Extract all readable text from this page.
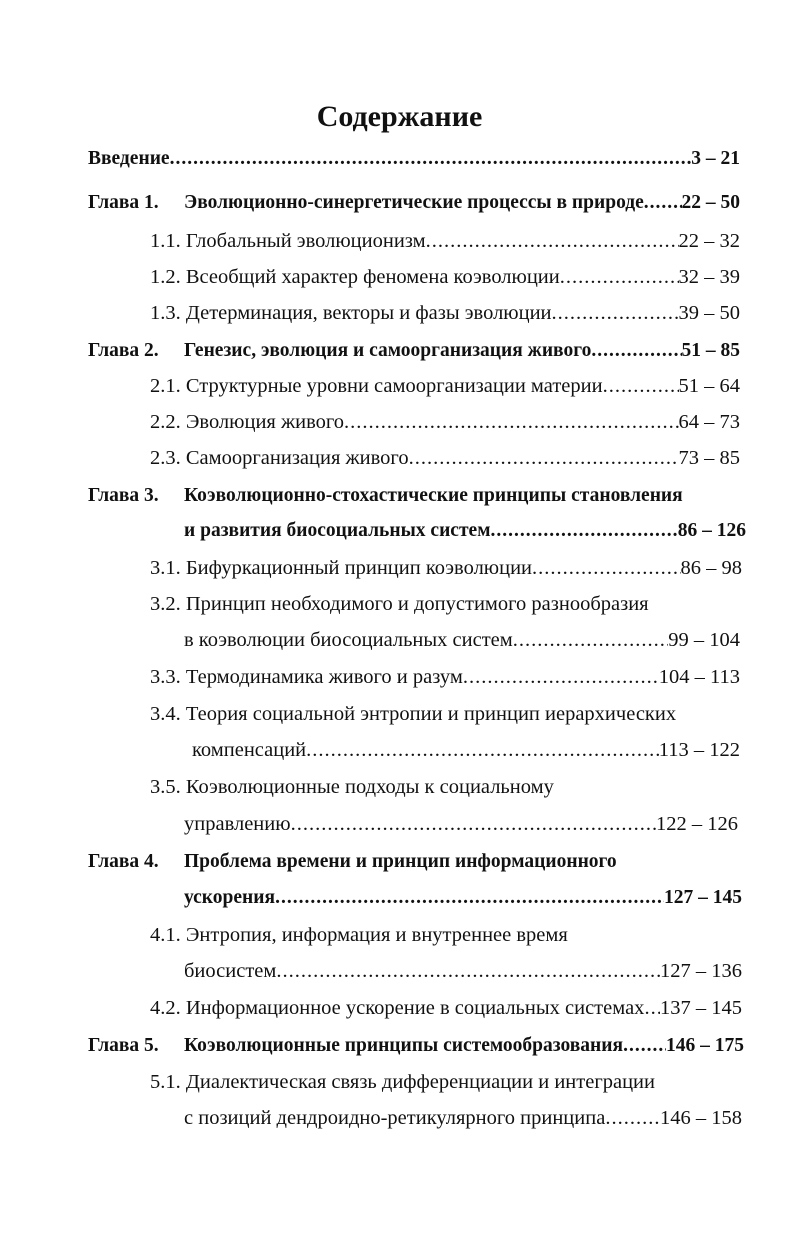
Содержание
Введение .....	3 – 21
Глава 1.	Эволюционно-синергетические процессы в природе ..... 22 – 50
1.1. Глобальный эволюционизм .....	22 – 32
1.2. Всеобщий характер феномена коэволюции .....	32 – 39
1.3. Детерминация, векторы и фазы эволюции .....	39 – 50
Глава 2.	Генезис, эволюция и самоорганизация живого .....	51 – 85
2.1. Структурные уровни самоорганизации материи .....	51 – 64
2.2. Эволюция живого .....	64 – 73
2.3. Самоорганизация живого .....	73 – 85
Глава 3.	Коэволюционно-стохастические принципы становления
и развития биосоциальных систем .....	86 – 126
3.1. Бифуркационный принцип коэволюции .....	86 – 98
3.2. Принцип необходимого и допустимого разнообразия
в коэволюции биосоциальных систем .....	99 – 104
3.3. Термодинамика живого и разум .....	104 – 113
3.4. Теория социальной энтропии и принцип иерархических
компенсаций .....	113 – 122
3.5. Коэволюционные подходы к социальному
управлению .....	122 – 126
Глава 4.	Проблема времени и принцип информационного
ускорения .....	127 – 145
4.1. Энтропия, информация и внутреннее время
биосистем .....	127 – 136
4.2. Информационное ускорение в социальных системах ..... 137 – 145
Глава 5.	Коэволюционные принципы системообразования ..... 146 – 175
5.1. Диалектическая связь дифференциации и интеграции
с позиций дендроидно-ретикулярного принципа .....	146 – 158
